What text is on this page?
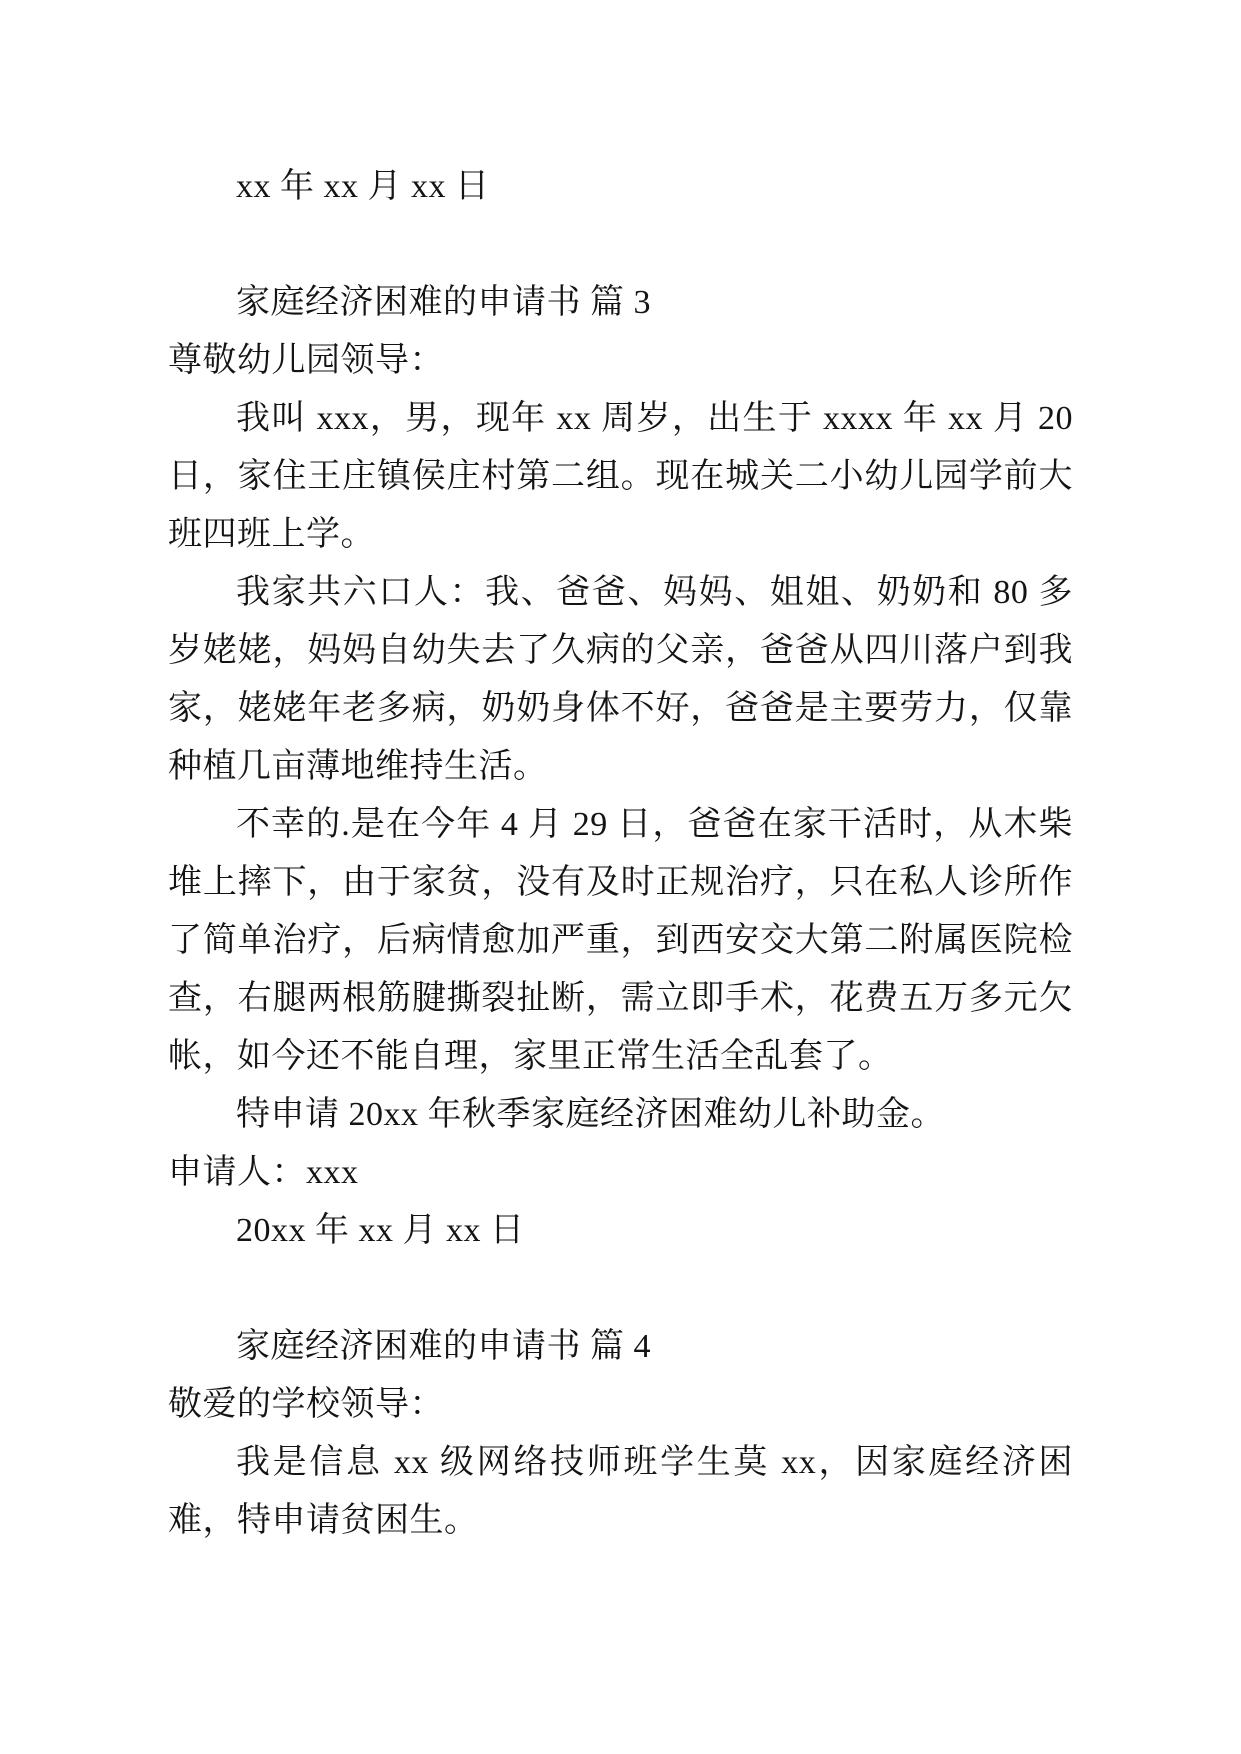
xx 年 xx 月 xx 日

家庭经济困难的申请书 篇 3

尊敬幼儿园领导：

我叫 xxx，男，现年 xx 周岁，出生于 xxxx 年 xx 月 20 日，家住王庄镇侯庄村第二组。现在城关二小幼儿园学前大班四班上学。

我家共六口人：我、爸爸、妈妈、姐姐、奶奶和 80 多岁姥姥，妈妈自幼失去了久病的父亲，爸爸从四川落户到我家，姥姥年老多病，奶奶身体不好，爸爸是主要劳力，仅靠种植几亩薄地维持生活。

不幸的.是在今年 4 月 29 日，爸爸在家干活时，从木柴堆上摔下，由于家贫，没有及时正规治疗，只在私人诊所作了简单治疗，后病情愈加严重，到西安交大第二附属医院检查，右腿两根筋腱撕裂扯断，需立即手术，花费五万多元欠帐，如今还不能自理，家里正常生活全乱套了。

特申请 20xx 年秋季家庭经济困难幼儿补助金。

申请人：xxx

20xx 年 xx 月 xx 日

家庭经济困难的申请书 篇 4

敬爱的学校领导：

我是信息 xx 级网络技师班学生莫 xx，因家庭经济困难，特申请贫困生。
